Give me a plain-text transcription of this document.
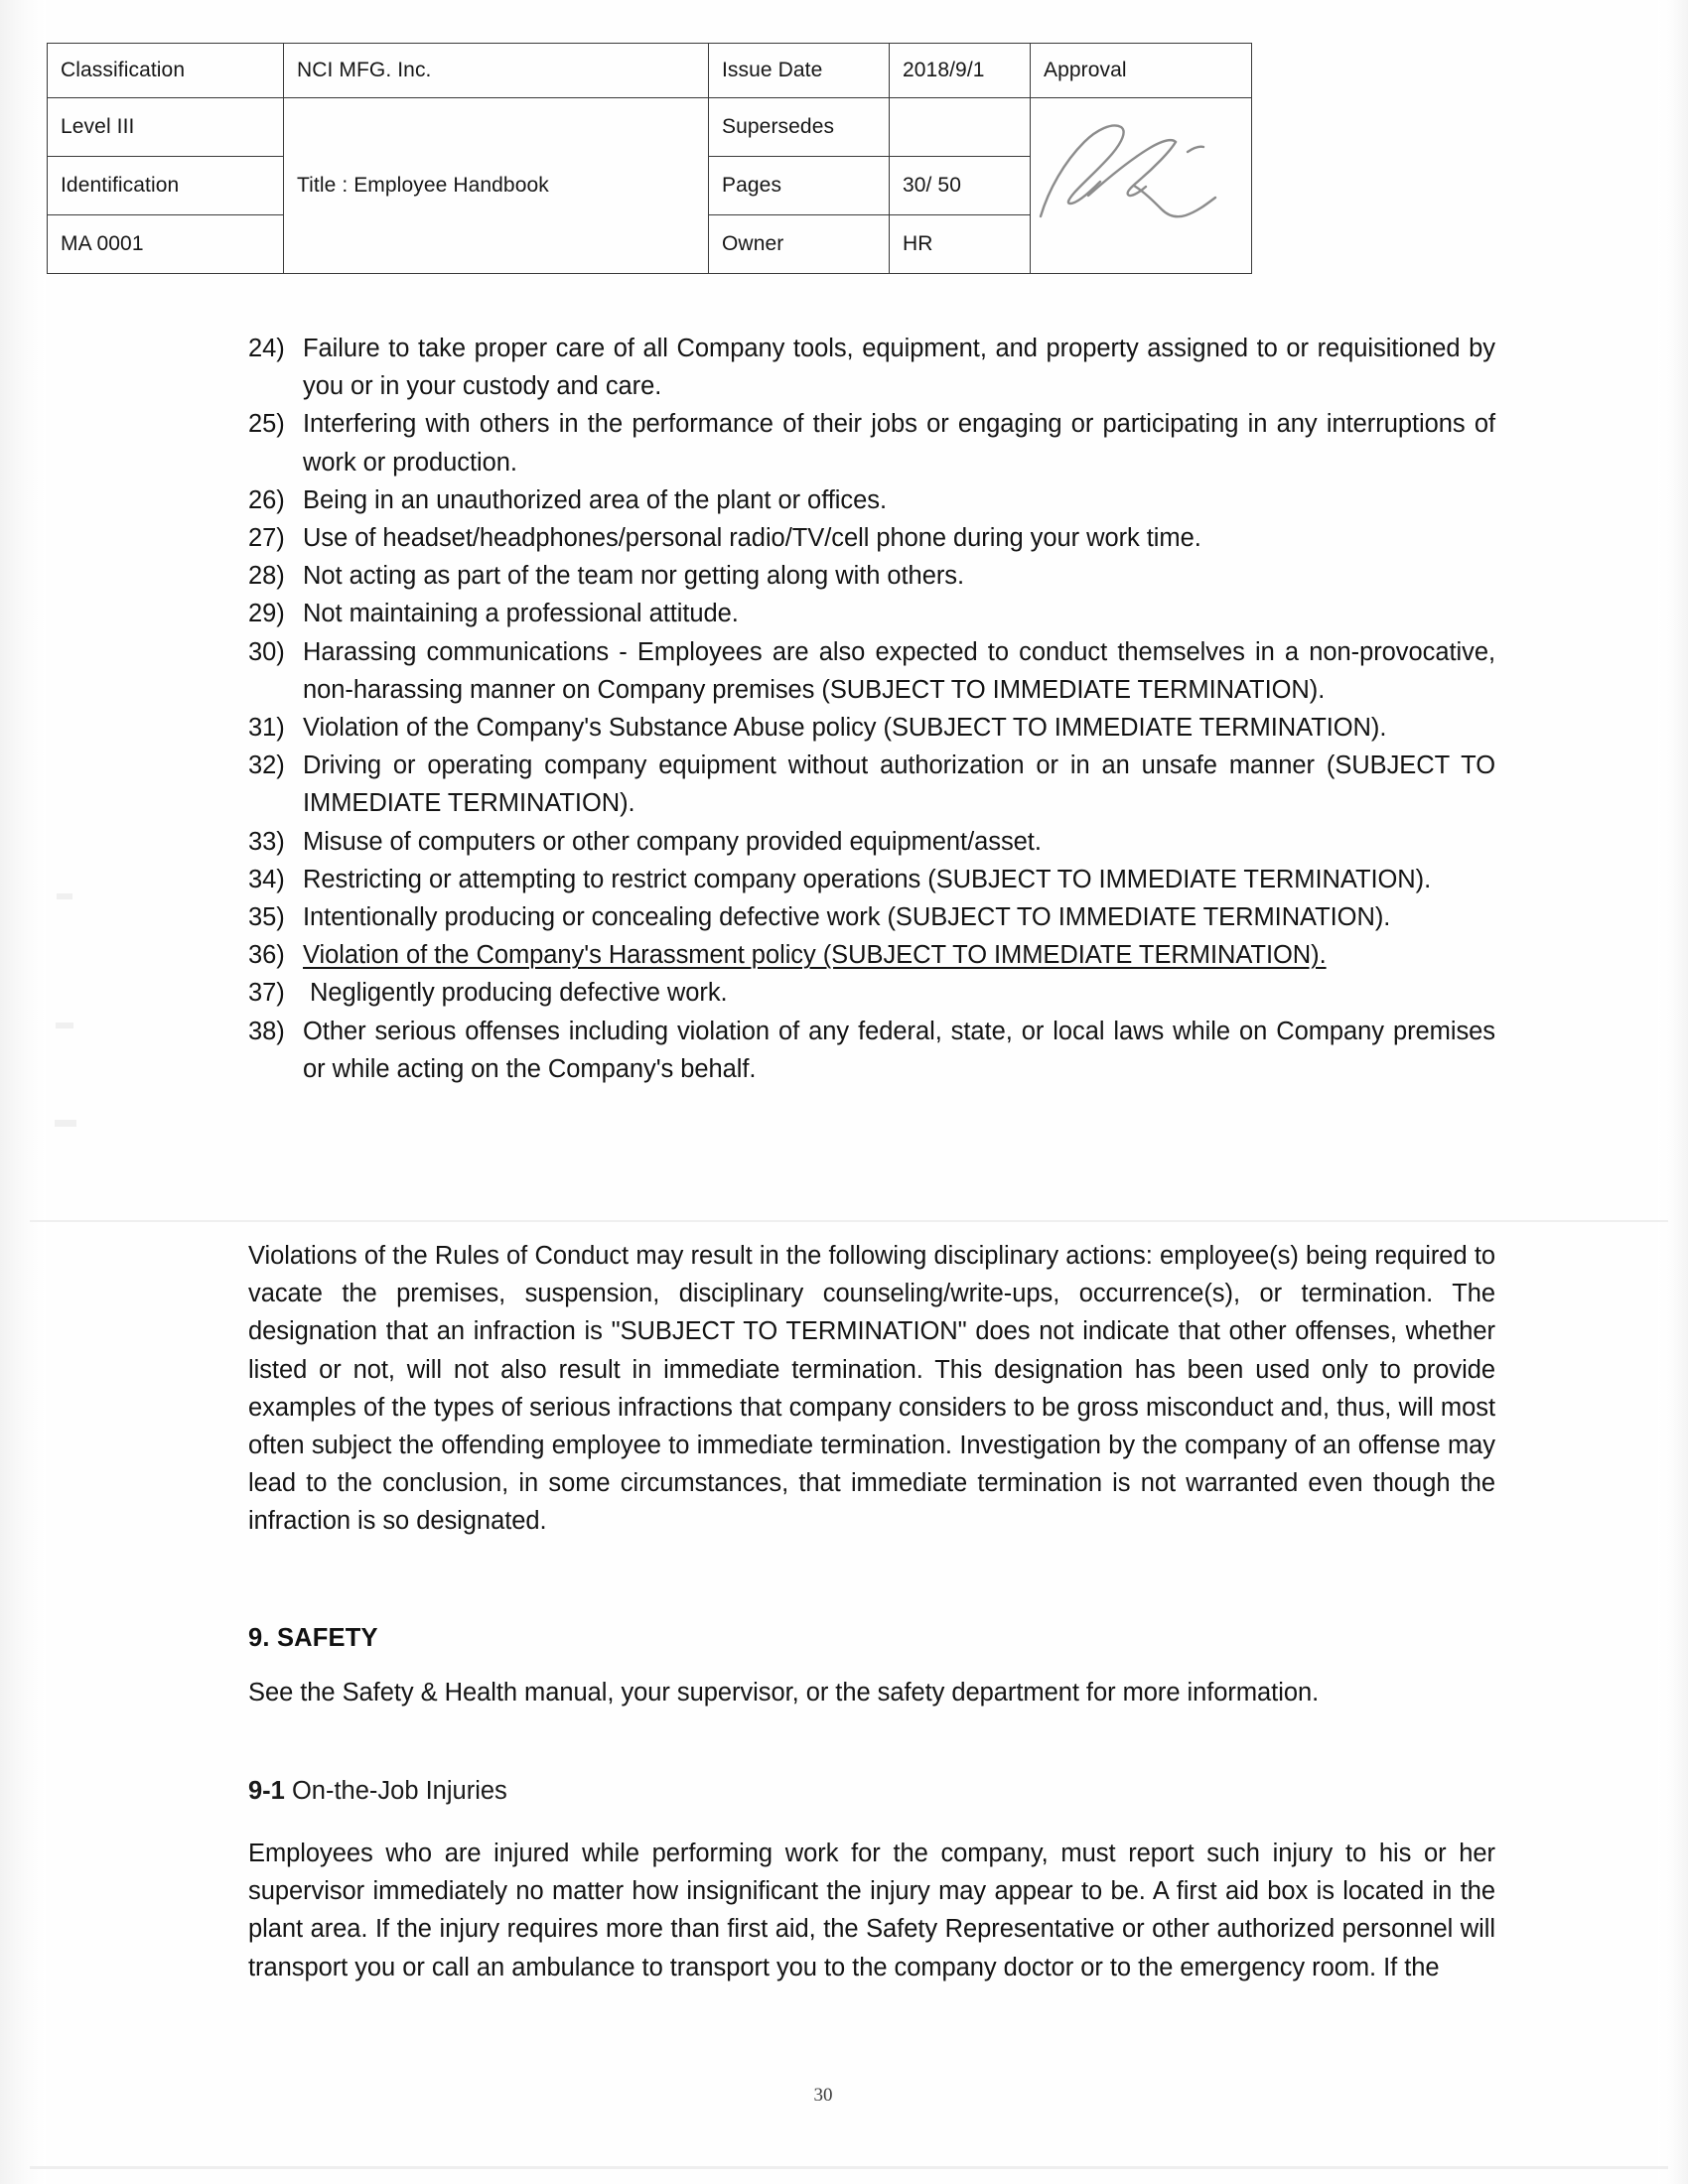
Classification	NCI MFG. Inc.	Issue Date	2018/9/1	Approval
Level III	Title : Employee Handbook	Supersedes		

Identification		Pages	30/ 50	
MA 0001		Owner	HR	

24) Failure to take proper care of all Company tools, equipment, and property assigned to or requisitioned by you or in your custody and care.

25) Interfering with others in the performance of their jobs or engaging or participating in any interruptions of work or production.

26) Being in an unauthorized area of the plant or offices.

27) Use of headset/headphones/personal radio/TV/cell phone during your work time.

28) Not acting as part of the team nor getting along with others.

29) Not maintaining a professional attitude.

30) Harassing communications - Employees are also expected to conduct themselves in a non-provocative, non-harassing manner on Company premises (SUBJECT TO IMMEDIATE TERMINATION).

31) Violation of the Company's Substance Abuse policy (SUBJECT TO IMMEDIATE TERMINATION).

32) Driving or operating company equipment without authorization or in an unsafe manner (SUBJECT TO IMMEDIATE TERMINATION).

33) Misuse of computers or other company provided equipment/asset.

34) Restricting or attempting to restrict company operations (SUBJECT TO IMMEDIATE TERMINATION).

35) Intentionally producing or concealing defective work (SUBJECT TO IMMEDIATE TERMINATION).

36) Violation of the Company's Harassment policy (SUBJECT TO IMMEDIATE TERMINATION).

37) Negligently producing defective work.

38) Other serious offenses including violation of any federal, state, or local laws while on Company premises or while acting on the Company's behalf.

Violations of the Rules of Conduct may result in the following disciplinary actions: employee(s) being required to vacate the premises, suspension, disciplinary counseling/write-ups, occurrence(s), or termination. The designation that an infraction is "SUBJECT TO TERMINATION" does not indicate that other offenses, whether listed or not, will not also result in immediate termination. This designation has been used only to provide examples of the types of serious infractions that company considers to be gross misconduct and, thus, will most often subject the offending employee to immediate termination. Investigation by the company of an offense may lead to the conclusion, in some circumstances, that immediate termination is not warranted even though the infraction is so designated.

9. SAFETY

See the Safety & Health manual, your supervisor, or the safety department for more information.

9-1 On-the-Job Injuries

Employees who are injured while performing work for the company, must report such injury to his or her supervisor immediately no matter how insignificant the injury may appear to be. A first aid box is located in the plant area. If the injury requires more than first aid, the Safety Representative or other authorized personnel will transport you or call an ambulance to transport you to the company doctor or to the emergency room. If the

30
